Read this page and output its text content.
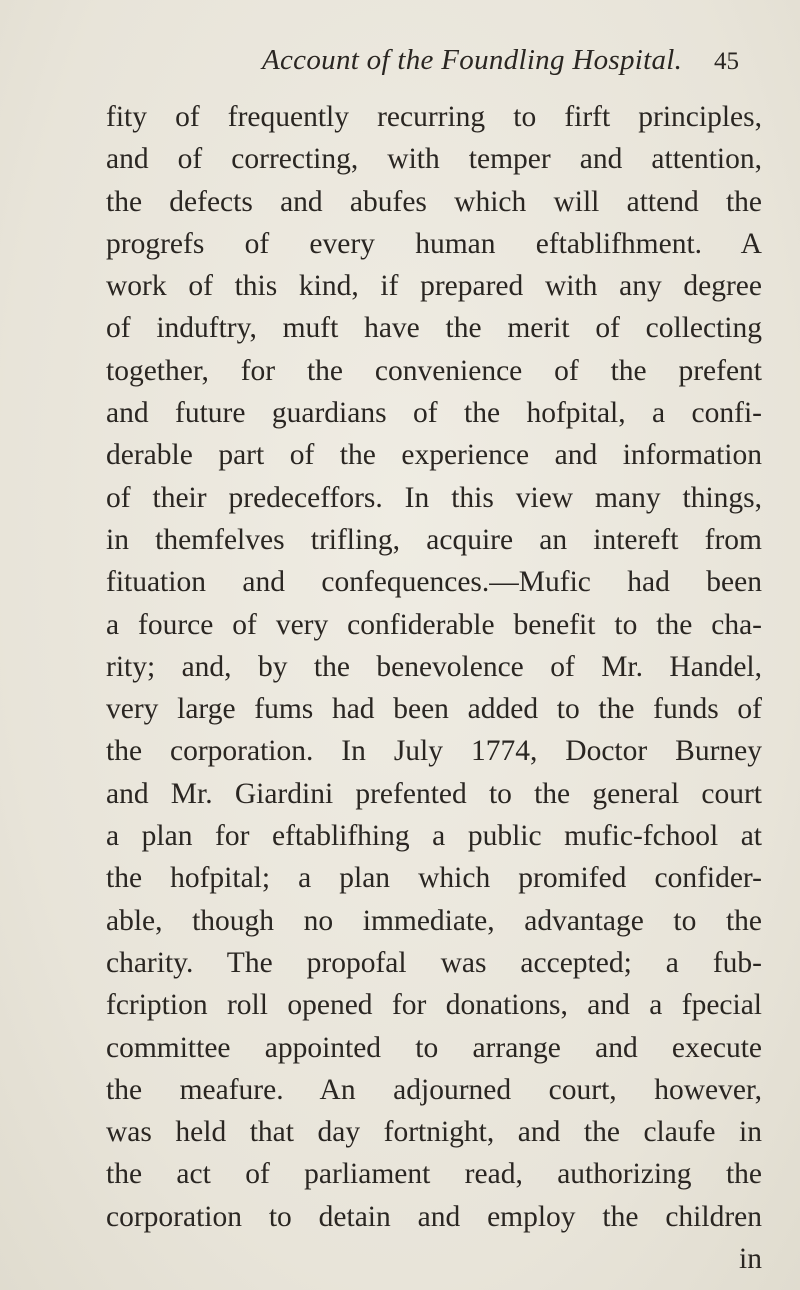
Account of the Foundling Hospital. 45
fity of frequently recurring to firft principles,
and of correcting, with temper and attention,
the defects and abufes which will attend the
progrefs of every human eftablifhment. A
work of this kind, if prepared with any degree
of induftry, muft have the merit of collecting
together, for the convenience of the prefent
and future guardians of the hofpital, a confi-
derable part of the experience and information
of their predeceffors. In this view many things,
in themfelves trifling, acquire an intereft from
fituation and confequences.—Mufic had been
a fource of very confiderable benefit to the cha-
rity; and, by the benevolence of Mr. Handel,
very large fums had been added to the funds of
the corporation. In July 1774, Doctor Burney
and Mr. Giardini prefented to the general court
a plan for eftablifhing a public mufic-fchool at
the hofpital; a plan which promifed confider-
able, though no immediate, advantage to the
charity. The propofal was accepted; a fub-
fcription roll opened for donations, and a fpecial
committee appointed to arrange and execute
the meafure. An adjourned court, however,
was held that day fortnight, and the claufe in
the act of parliament read, authorizing the
corporation to detain and employ the children
in
